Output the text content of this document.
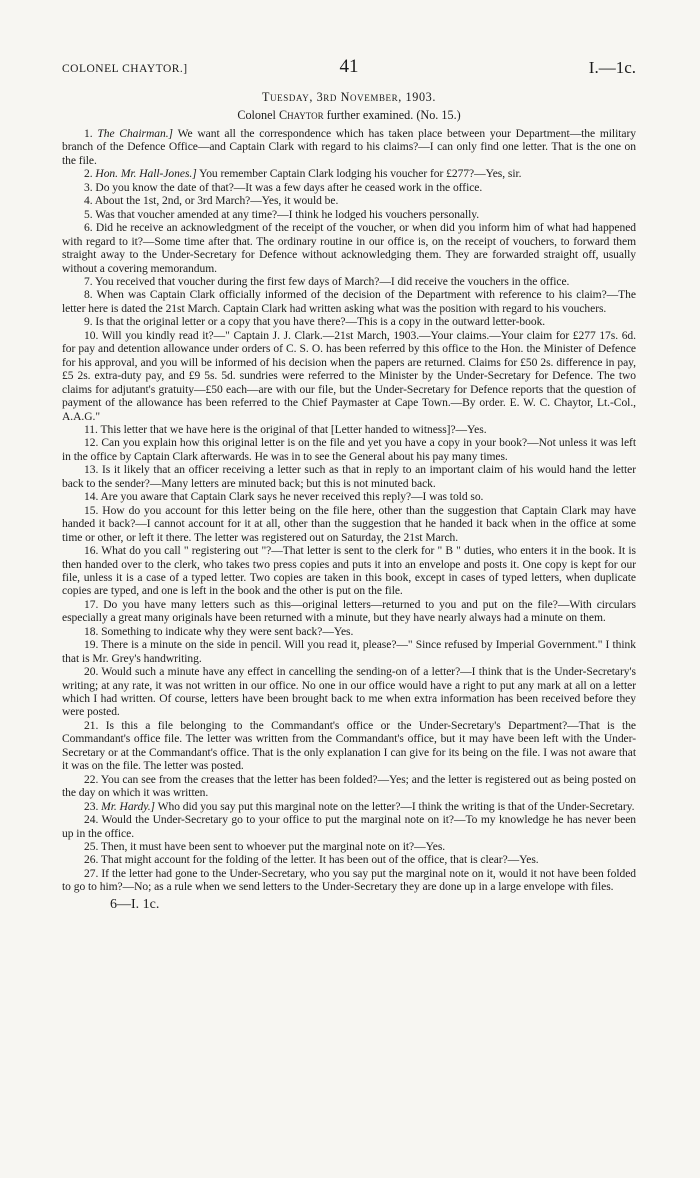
COLONEL CHAYTOR.]	41	I.—1c.
Tuesday, 3rd November, 1903.
Colonel Chaytor further examined. (No. 15.)

1. The Chairman.] We want all the correspondence which has taken place between your Department—the military branch of the Defence Office—and Captain Clark with regard to his claims?—I can only find one letter. That is the one on the file.

2. Hon. Mr. Hall-Jones.] You remember Captain Clark lodging his voucher for £277?—Yes, sir.

3. Do you know the date of that?—It was a few days after he ceased work in the office.

4. About the 1st, 2nd, or 3rd March?—Yes, it would be.

5. Was that voucher amended at any time?—I think he lodged his vouchers personally.

6. Did he receive an acknowledgment of the receipt of the voucher, or when did you inform him of what had happened with regard to it?—Some time after that. The ordinary routine in our office is, on the receipt of vouchers, to forward them straight away to the Under-Secretary for Defence without acknowledging them. They are forwarded straight off, usually without a covering memorandum.

7. You received that voucher during the first few days of March?—I did receive the vouchers in the office.

8. When was Captain Clark officially informed of the decision of the Department with reference to his claim?—The letter here is dated the 21st March. Captain Clark had written asking what was the position with regard to his vouchers.

9. Is that the original letter or a copy that you have there?—This is a copy in the outward letter-book.

10. Will you kindly read it?—" Captain J. J. Clark.—21st March, 1903.—Your claims.—Your claim for £277 17s. 6d. for pay and detention allowance under orders of C. S. O. has been referred by this office to the Hon. the Minister of Defence for his approval, and you will be informed of his decision when the papers are returned. Claims for £50 2s. difference in pay, £5 2s. extra-duty pay, and £9 5s. 5d. sundries were referred to the Minister by the Under-Secretary for Defence. The two claims for adjutant's gratuity—£50 each—are with our file, but the Under-Secretary for Defence reports that the question of payment of the allowance has been referred to the Chief Paymaster at Cape Town.—By order. E. W. C. Chaytor, Lt.-Col., A.A.G."

11. This letter that we have here is the original of that [Letter handed to witness]?—Yes.

12. Can you explain how this original letter is on the file and yet you have a copy in your book?—Not unless it was left in the office by Captain Clark afterwards. He was in to see the General about his pay many times.

13. Is it likely that an officer receiving a letter such as that in reply to an important claim of his would hand the letter back to the sender?—Many letters are minuted back; but this is not minuted back.

14. Are you aware that Captain Clark says he never received this reply?—I was told so.

15. How do you account for this letter being on the file here, other than the suggestion that Captain Clark may have handed it back?—I cannot account for it at all, other than the suggestion that he handed it back when in the office at some time or other, or left it there. The letter was registered out on Saturday, the 21st March.

16. What do you call " registering out "?—That letter is sent to the clerk for " B " duties, who enters it in the book. It is then handed over to the clerk, who takes two press copies and puts it into an envelope and posts it. One copy is kept for our file, unless it is a case of a typed letter. Two copies are taken in this book, except in cases of typed letters, when duplicate copies are typed, and one is left in the book and the other is put on the file.

17. Do you have many letters such as this—original letters—returned to you and put on the file?—With circulars especially a great many originals have been returned with a minute, but they have nearly always had a minute on them.

18. Something to indicate why they were sent back?—Yes.

19. There is a minute on the side in pencil. Will you read it, please?—" Since refused by Imperial Government." I think that is Mr. Grey's handwriting.

20. Would such a minute have any effect in cancelling the sending-on of a letter?—I think that is the Under-Secretary's writing; at any rate, it was not written in our office. No one in our office would have a right to put any mark at all on a letter which I had written. Of course, letters have been brought back to me when extra information has been received before they were posted.

21. Is this a file belonging to the Commandant's office or the Under-Secretary's Department?—That is the Commandant's office file. The letter was written from the Commandant's office, but it may have been left with the Under-Secretary or at the Commandant's office. That is the only explanation I can give for its being on the file. I was not aware that it was on the file. The letter was posted.

22. You can see from the creases that the letter has been folded?—Yes; and the letter is registered out as being posted on the day on which it was written.

23. Mr. Hardy.] Who did you say put this marginal note on the letter?—I think the writing is that of the Under-Secretary.

24. Would the Under-Secretary go to your office to put the marginal note on it?—To my knowledge he has never been up in the office.

25. Then, it must have been sent to whoever put the marginal note on it?—Yes.

26. That might account for the folding of the letter. It has been out of the office, that is clear?—Yes.

27. If the letter had gone to the Under-Secretary, who you say put the marginal note on it, would it not have been folded to go to him?—No; as a rule when we send letters to the Under-Secretary they are done up in a large envelope with files.

6—I. 1c.
